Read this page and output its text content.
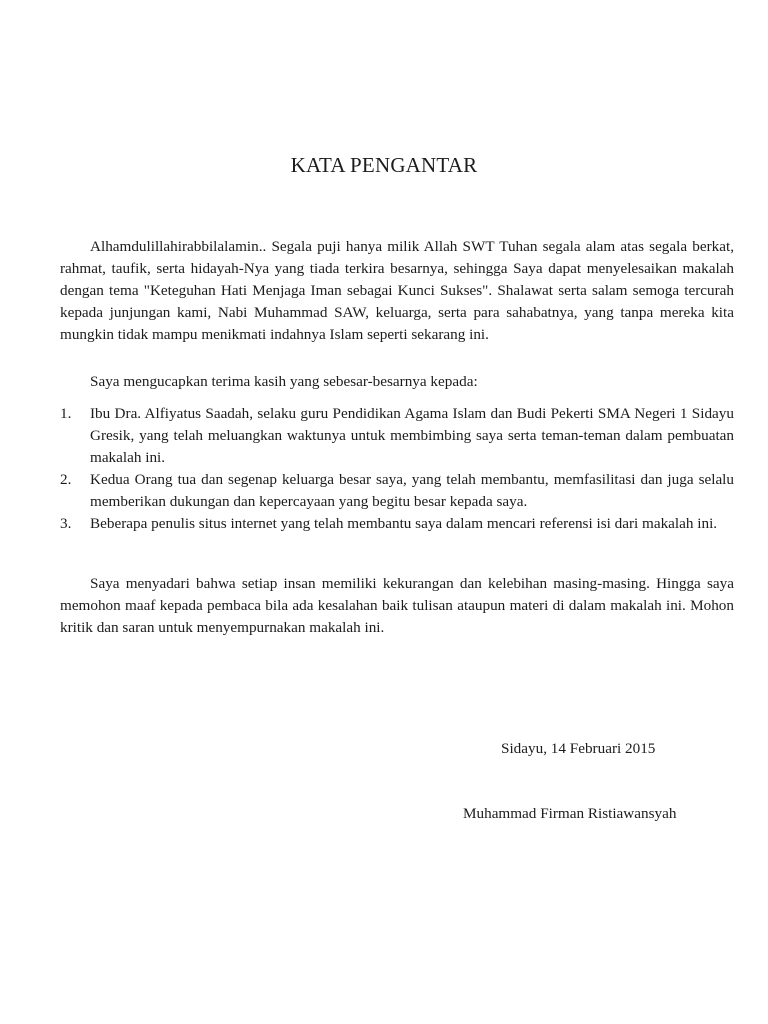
KATA PENGANTAR

Alhamdulillahirabbilalamin.. Segala puji hanya milik Allah SWT Tuhan segala alam atas segala berkat, rahmat, taufik, serta hidayah-Nya yang tiada terkira besarnya, sehingga Saya dapat menyelesaikan makalah dengan tema "Keteguhan Hati Menjaga Iman sebagai Kunci Sukses". Shalawat serta salam semoga tercurah kepada junjungan kami, Nabi Muhammad SAW, keluarga, serta para sahabatnya, yang tanpa mereka kita mungkin tidak mampu menikmati indahnya Islam seperti sekarang ini.

Saya mengucapkan terima kasih yang sebesar-besarnya kepada:

1. Ibu Dra. Alfiyatus Saadah, selaku guru Pendidikan Agama Islam dan Budi Pekerti SMA Negeri 1 Sidayu Gresik, yang telah meluangkan waktunya untuk membimbing saya serta teman-teman dalam pembuatan makalah ini.
2. Kedua Orang tua dan segenap keluarga besar saya, yang telah membantu, memfasilitasi dan juga selalu memberikan dukungan dan kepercayaan yang begitu besar kepada saya.
3. Beberapa penulis situs internet yang telah membantu saya dalam mencari referensi isi dari makalah ini.

Saya menyadari bahwa setiap insan memiliki kekurangan dan kelebihan masing-masing. Hingga saya memohon maaf kepada pembaca bila ada kesalahan baik tulisan ataupun materi di dalam makalah ini. Mohon kritik dan saran untuk menyempurnakan makalah ini.

Sidayu, 14 Februari 2015
Muhammad Firman Ristiawansyah
